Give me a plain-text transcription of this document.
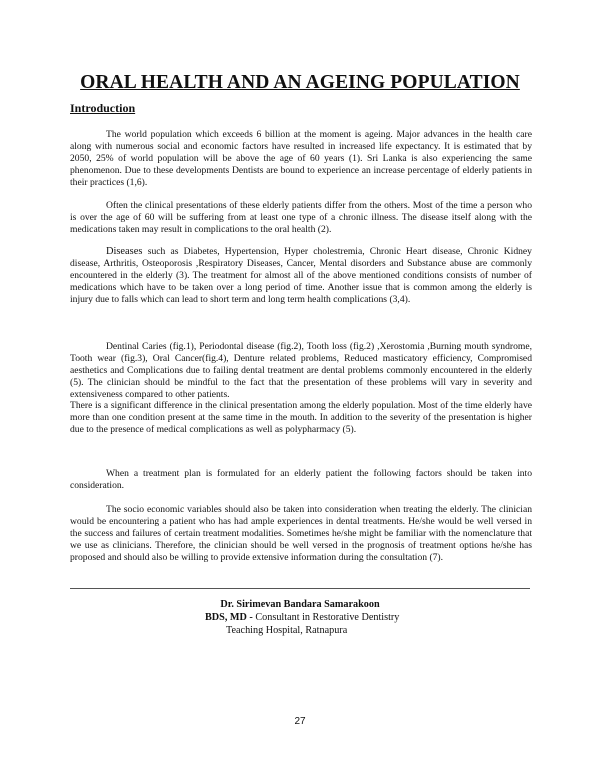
ORAL HEALTH AND AN AGEING POPULATION
Introduction

The world population which exceeds 6 billion at the moment is ageing. Major advances in the health care along with numerous social and economic factors have resulted in increased life expectancy. It is estimated that by 2050, 25% of world population will be above the age of 60 years (1). Sri Lanka is also experiencing the same phenomenon. Due to these developments Dentists are bound to experience an increase percentage of elderly patients in their practices (1,6).

Often the clinical presentations of these elderly patients differ from the others. Most of the time a person who is over the age of 60 will be suffering from at least one type of a chronic illness. The disease itself along with the medications taken may result in complications to the oral health (2).

Diseases such as Diabetes, Hypertension, Hyper cholestremia, Chronic Heart disease, Chronic Kidney disease, Arthritis, Osteoporosis ,Respiratory Diseases, Cancer, Mental disorders and Substance abuse are commonly encountered in the elderly (3). The treatment for almost all of the above mentioned conditions consists of number of medications which have to be taken over a long period of time. Another issue that is common among the elderly is injury due to falls which can lead to short term and long term health complications (3,4).

Dentinal Caries (fig.1), Periodontal disease (fig.2), Tooth loss (fig.2) ,Xerostomia ,Burning mouth syndrome, Tooth wear (fig.3), Oral Cancer(fig.4), Denture related problems, Reduced masticatory efficiency, Compromised aesthetics and Complications due to failing dental treatment are dental problems commonly encountered in the elderly (5). The clinician should be mindful to the fact that the presentation of these problems will vary in severity and extensiveness compared to other patients.

There is a significant difference in the clinical presentation among the elderly population. Most of the time elderly have more than one condition present at the same time in the mouth. In addition to the severity of the presentation is higher due to the presence of medical complications as well as polypharmacy (5).

When a treatment plan is formulated for an elderly patient the following factors should be taken into consideration.

The socio economic variables should also be taken into consideration when treating the elderly. The clinician would be encountering a patient who has had ample experiences in dental treatments. He/she would be well versed in the success and failures of certain treatment modalities. Sometimes he/she might be familiar with the nomenclature that we use as clinicians. Therefore, the clinician should be well versed in the prognosis of treatment options he/she has proposed and should also be willing to provide extensive information during the consultation (7).

Dr. Sirimevan Bandara Samarakoon
BDS, MD - Consultant in Restorative Dentistry
Teaching Hospital, Ratnapura
27
